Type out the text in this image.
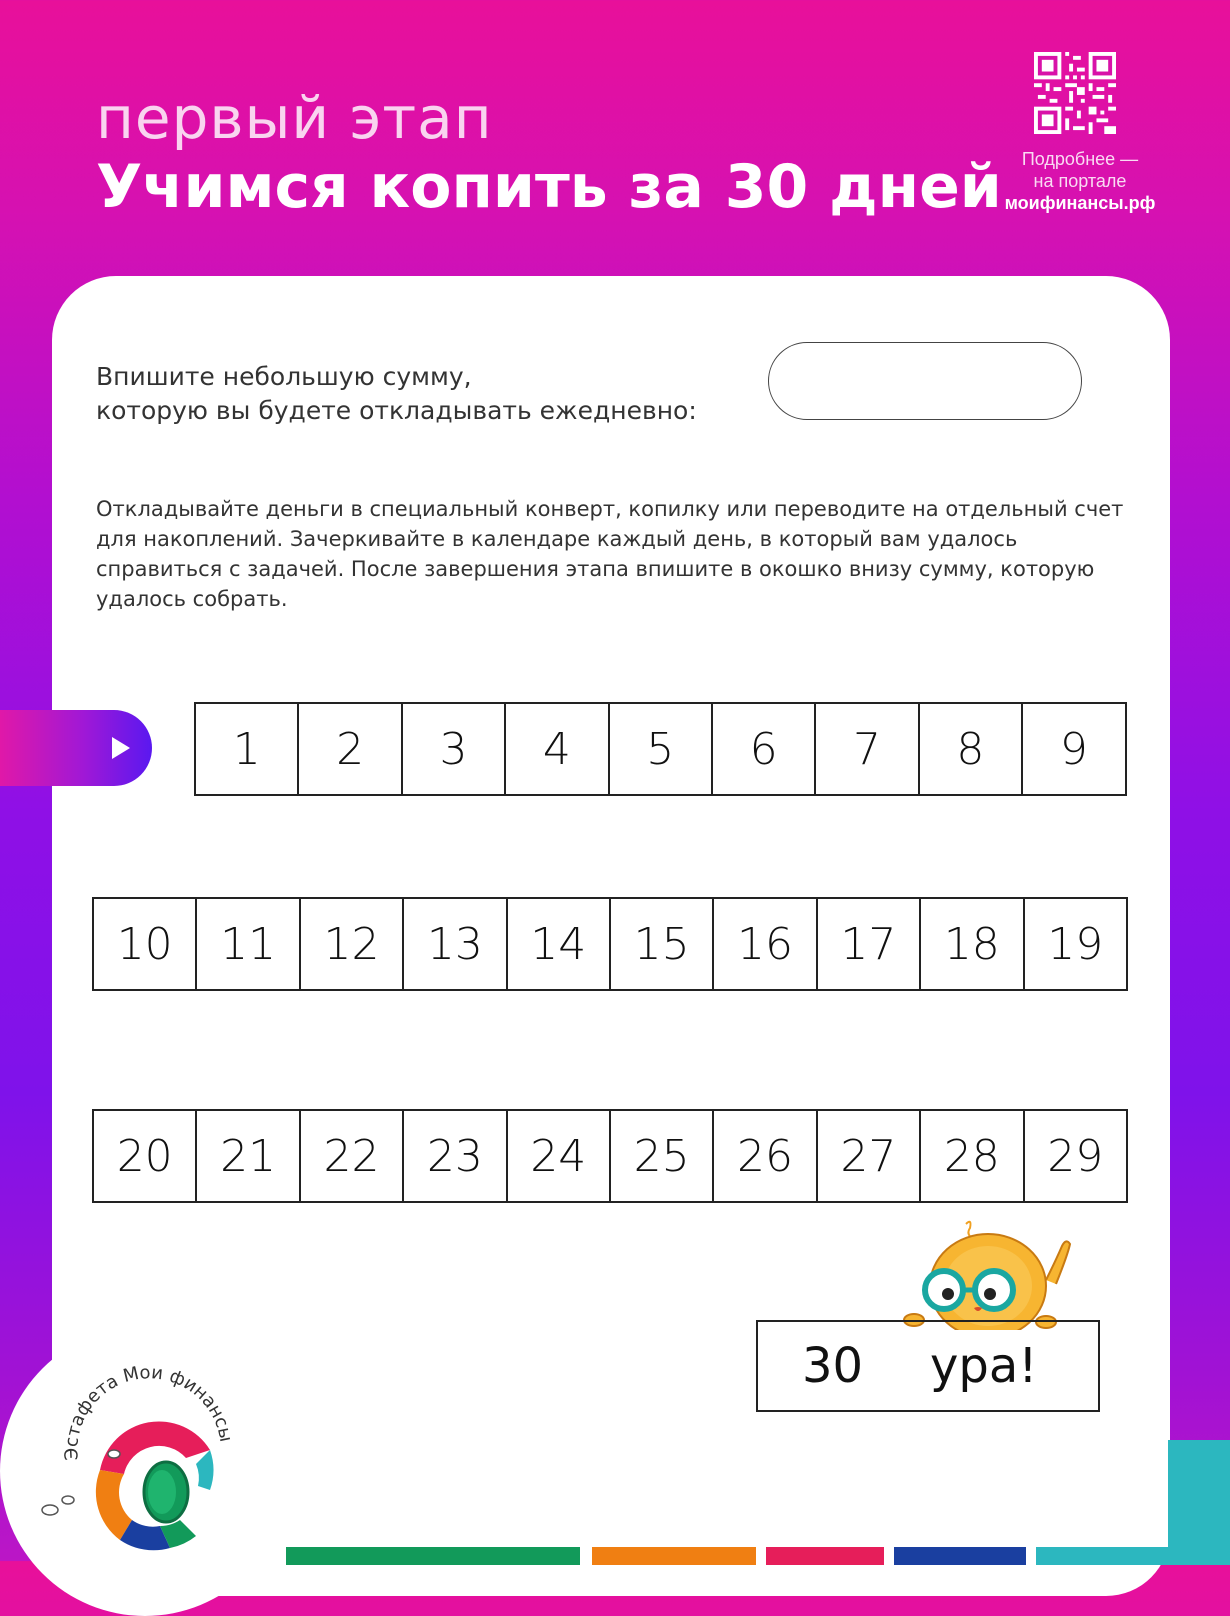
первый этап
Учимся копить за 30 дней	Подробнее —
на портале
моифинансы.рф
Впишите небольшую сумму,
которую вы будете откладывать ежедневно:
Откладывайте деньги в специальный конверт, копилку или переводите на отдельный счет для накоплений. Зачеркивайте в календаре каждый день, в который вам удалось справиться с задачей. После завершения этапа впишите в окошко внизу сумму, которую удалось собрать.
1	2	3	4	5	6	7	8	9
10	11	12	13	14	15	16	17	18	19
20	21	22	23	24	25	26	27	28	29
30 ура!
Эстафета Мои финансы
